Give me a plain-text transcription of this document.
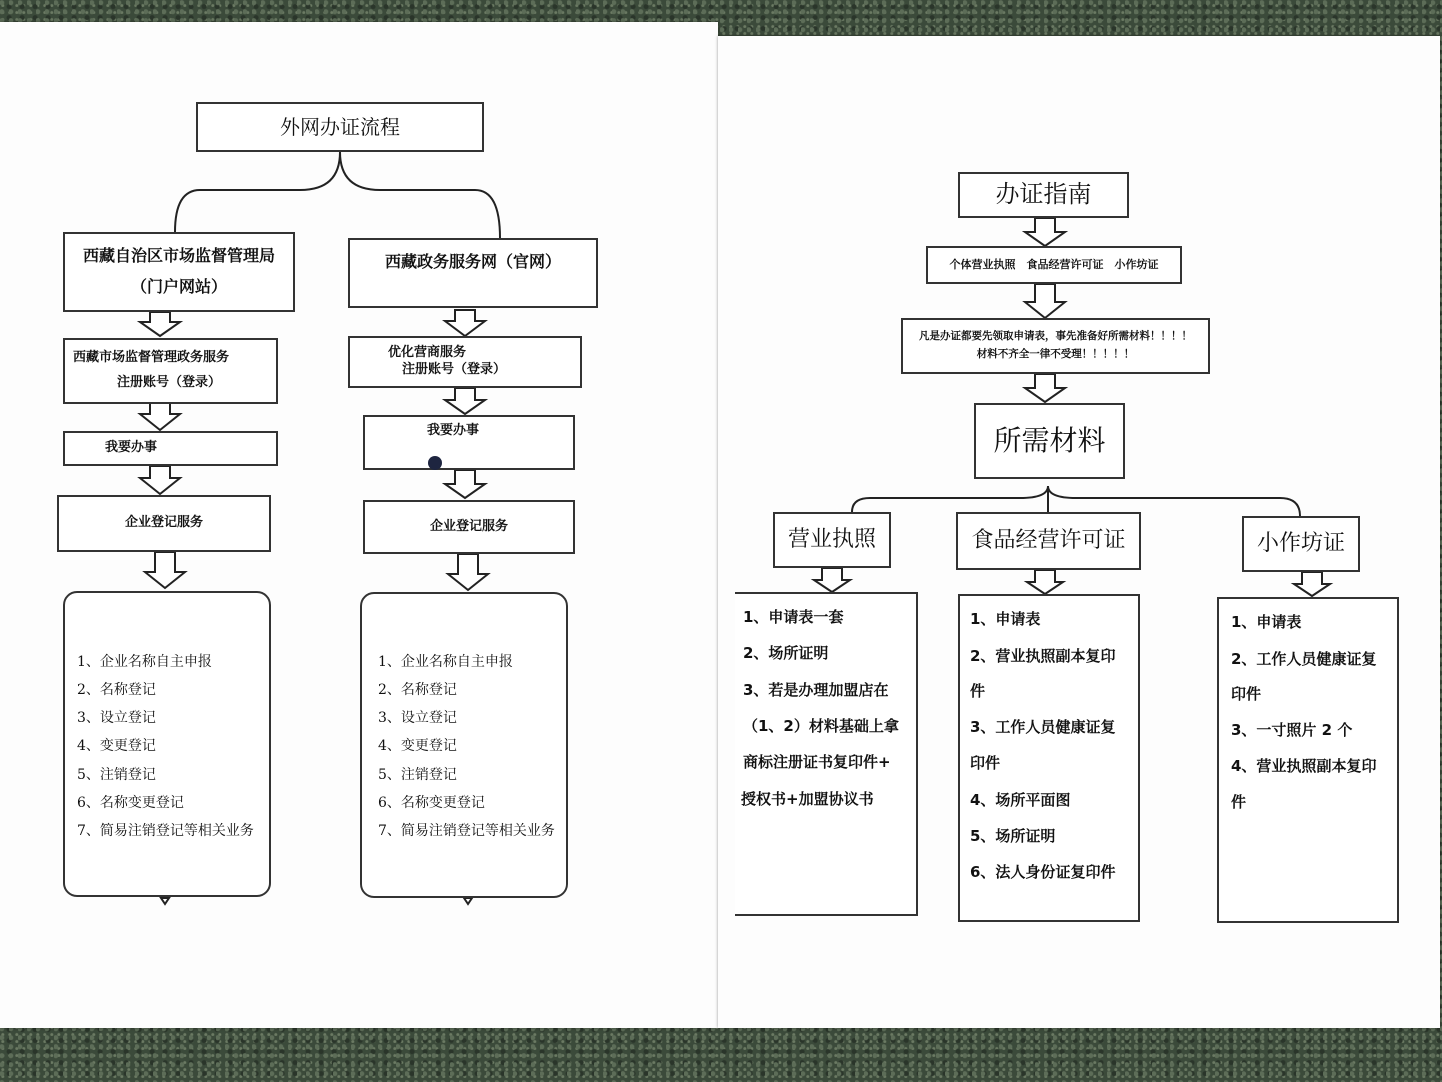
外网办证流程
西藏自治区市场监督管理局
（门户网站）
西藏政务服务网（官网）
西藏市场监督管理政务服务
注册账号（登录）
优化营商服务
注册账号（登录）
我要办事
我要办事
企业登记服务	企业登记服务
1、企业名称自主申报
2、名称登记
3、设立登记
4、变更登记
5、注销登记
6、名称变更登记
7、简易注销登记等相关业务
1、企业名称自主申报
2、名称登记
3、设立登记
4、变更登记
5、注销登记
6、名称变更登记
7、简易注销登记等相关业务
办证指南
个体营业执照　食品经营许可证　小作坊证
凡是办证都要先领取申请表，事先准备好所需材料！！！！
材料不齐全一律不受理！！！！！
所需材料
营业执照	食品经营许可证	小作坊证
1、申请表一套
2、场所证明
3、若是办理加盟店在
（1、2）材料基础上拿
商标注册证书复印件+
授权书+加盟协议书
1、申请表
2、营业执照副本复印
件
3、工作人员健康证复
印件
4、场所平面图
5、场所证明
6、法人身份证复印件
1、申请表
2、工作人员健康证复
印件
3、一寸照片 2 个
4、营业执照副本复印
件
